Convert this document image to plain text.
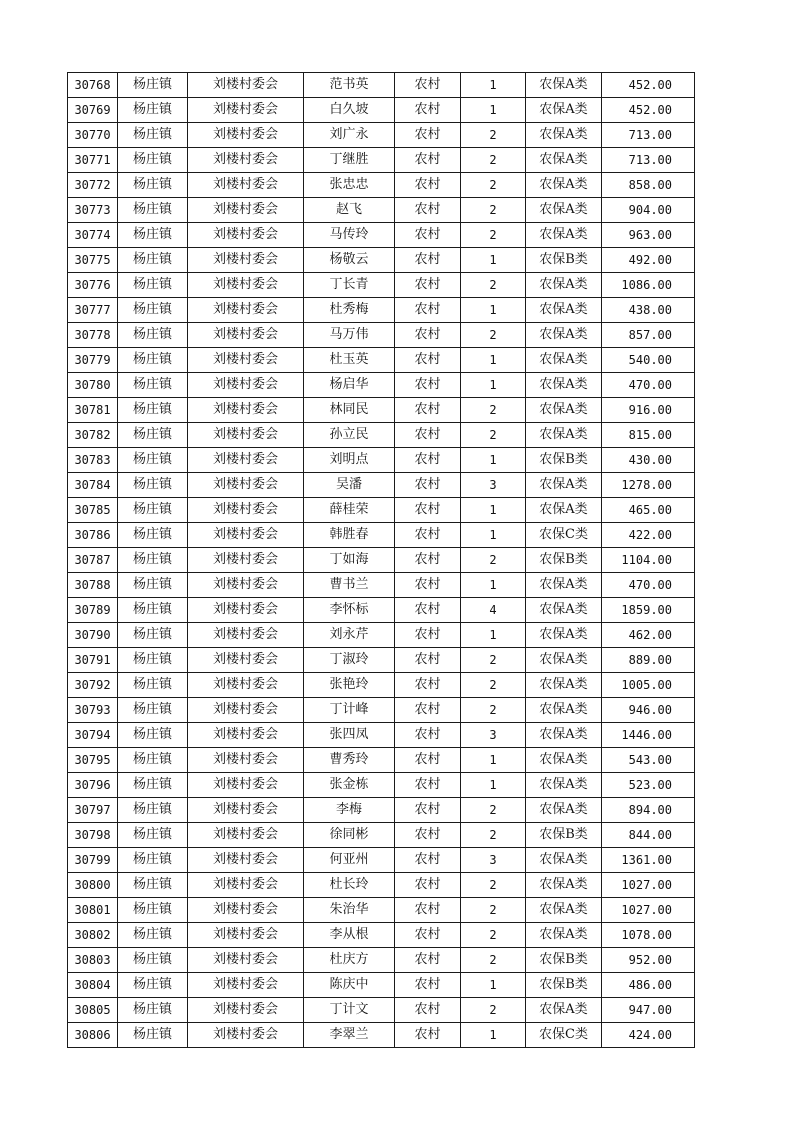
30768	杨庄镇	刘楼村委会	范书英	农村	1	农保A类	452.00
30769	杨庄镇	刘楼村委会	白久坡	农村	1	农保A类	452.00
30770	杨庄镇	刘楼村委会	刘广永	农村	2	农保A类	713.00
30771	杨庄镇	刘楼村委会	丁继胜	农村	2	农保A类	713.00
30772	杨庄镇	刘楼村委会	张忠忠	农村	2	农保A类	858.00
30773	杨庄镇	刘楼村委会	赵飞	农村	2	农保A类	904.00
30774	杨庄镇	刘楼村委会	马传玲	农村	2	农保A类	963.00
30775	杨庄镇	刘楼村委会	杨敬云	农村	1	农保B类	492.00
30776	杨庄镇	刘楼村委会	丁长青	农村	2	农保A类	1086.00
30777	杨庄镇	刘楼村委会	杜秀梅	农村	1	农保A类	438.00
30778	杨庄镇	刘楼村委会	马万伟	农村	2	农保A类	857.00
30779	杨庄镇	刘楼村委会	杜玉英	农村	1	农保A类	540.00
30780	杨庄镇	刘楼村委会	杨启华	农村	1	农保A类	470.00
30781	杨庄镇	刘楼村委会	林同民	农村	2	农保A类	916.00
30782	杨庄镇	刘楼村委会	孙立民	农村	2	农保A类	815.00
30783	杨庄镇	刘楼村委会	刘明点	农村	1	农保B类	430.00
30784	杨庄镇	刘楼村委会	吴潘	农村	3	农保A类	1278.00
30785	杨庄镇	刘楼村委会	薛桂荣	农村	1	农保A类	465.00
30786	杨庄镇	刘楼村委会	韩胜春	农村	1	农保C类	422.00
30787	杨庄镇	刘楼村委会	丁如海	农村	2	农保B类	1104.00
30788	杨庄镇	刘楼村委会	曹书兰	农村	1	农保A类	470.00
30789	杨庄镇	刘楼村委会	李怀标	农村	4	农保A类	1859.00
30790	杨庄镇	刘楼村委会	刘永芹	农村	1	农保A类	462.00
30791	杨庄镇	刘楼村委会	丁淑玲	农村	2	农保A类	889.00
30792	杨庄镇	刘楼村委会	张艳玲	农村	2	农保A类	1005.00
30793	杨庄镇	刘楼村委会	丁计峰	农村	2	农保A类	946.00
30794	杨庄镇	刘楼村委会	张四凤	农村	3	农保A类	1446.00
30795	杨庄镇	刘楼村委会	曹秀玲	农村	1	农保A类	543.00
30796	杨庄镇	刘楼村委会	张金栋	农村	1	农保A类	523.00
30797	杨庄镇	刘楼村委会	李梅	农村	2	农保A类	894.00
30798	杨庄镇	刘楼村委会	徐同彬	农村	2	农保B类	844.00
30799	杨庄镇	刘楼村委会	何亚州	农村	3	农保A类	1361.00
30800	杨庄镇	刘楼村委会	杜长玲	农村	2	农保A类	1027.00
30801	杨庄镇	刘楼村委会	朱治华	农村	2	农保A类	1027.00
30802	杨庄镇	刘楼村委会	李从根	农村	2	农保A类	1078.00
30803	杨庄镇	刘楼村委会	杜庆方	农村	2	农保B类	952.00
30804	杨庄镇	刘楼村委会	陈庆中	农村	1	农保B类	486.00
30805	杨庄镇	刘楼村委会	丁计文	农村	2	农保A类	947.00
30806	杨庄镇	刘楼村委会	李翠兰	农村	1	农保C类	424.00
